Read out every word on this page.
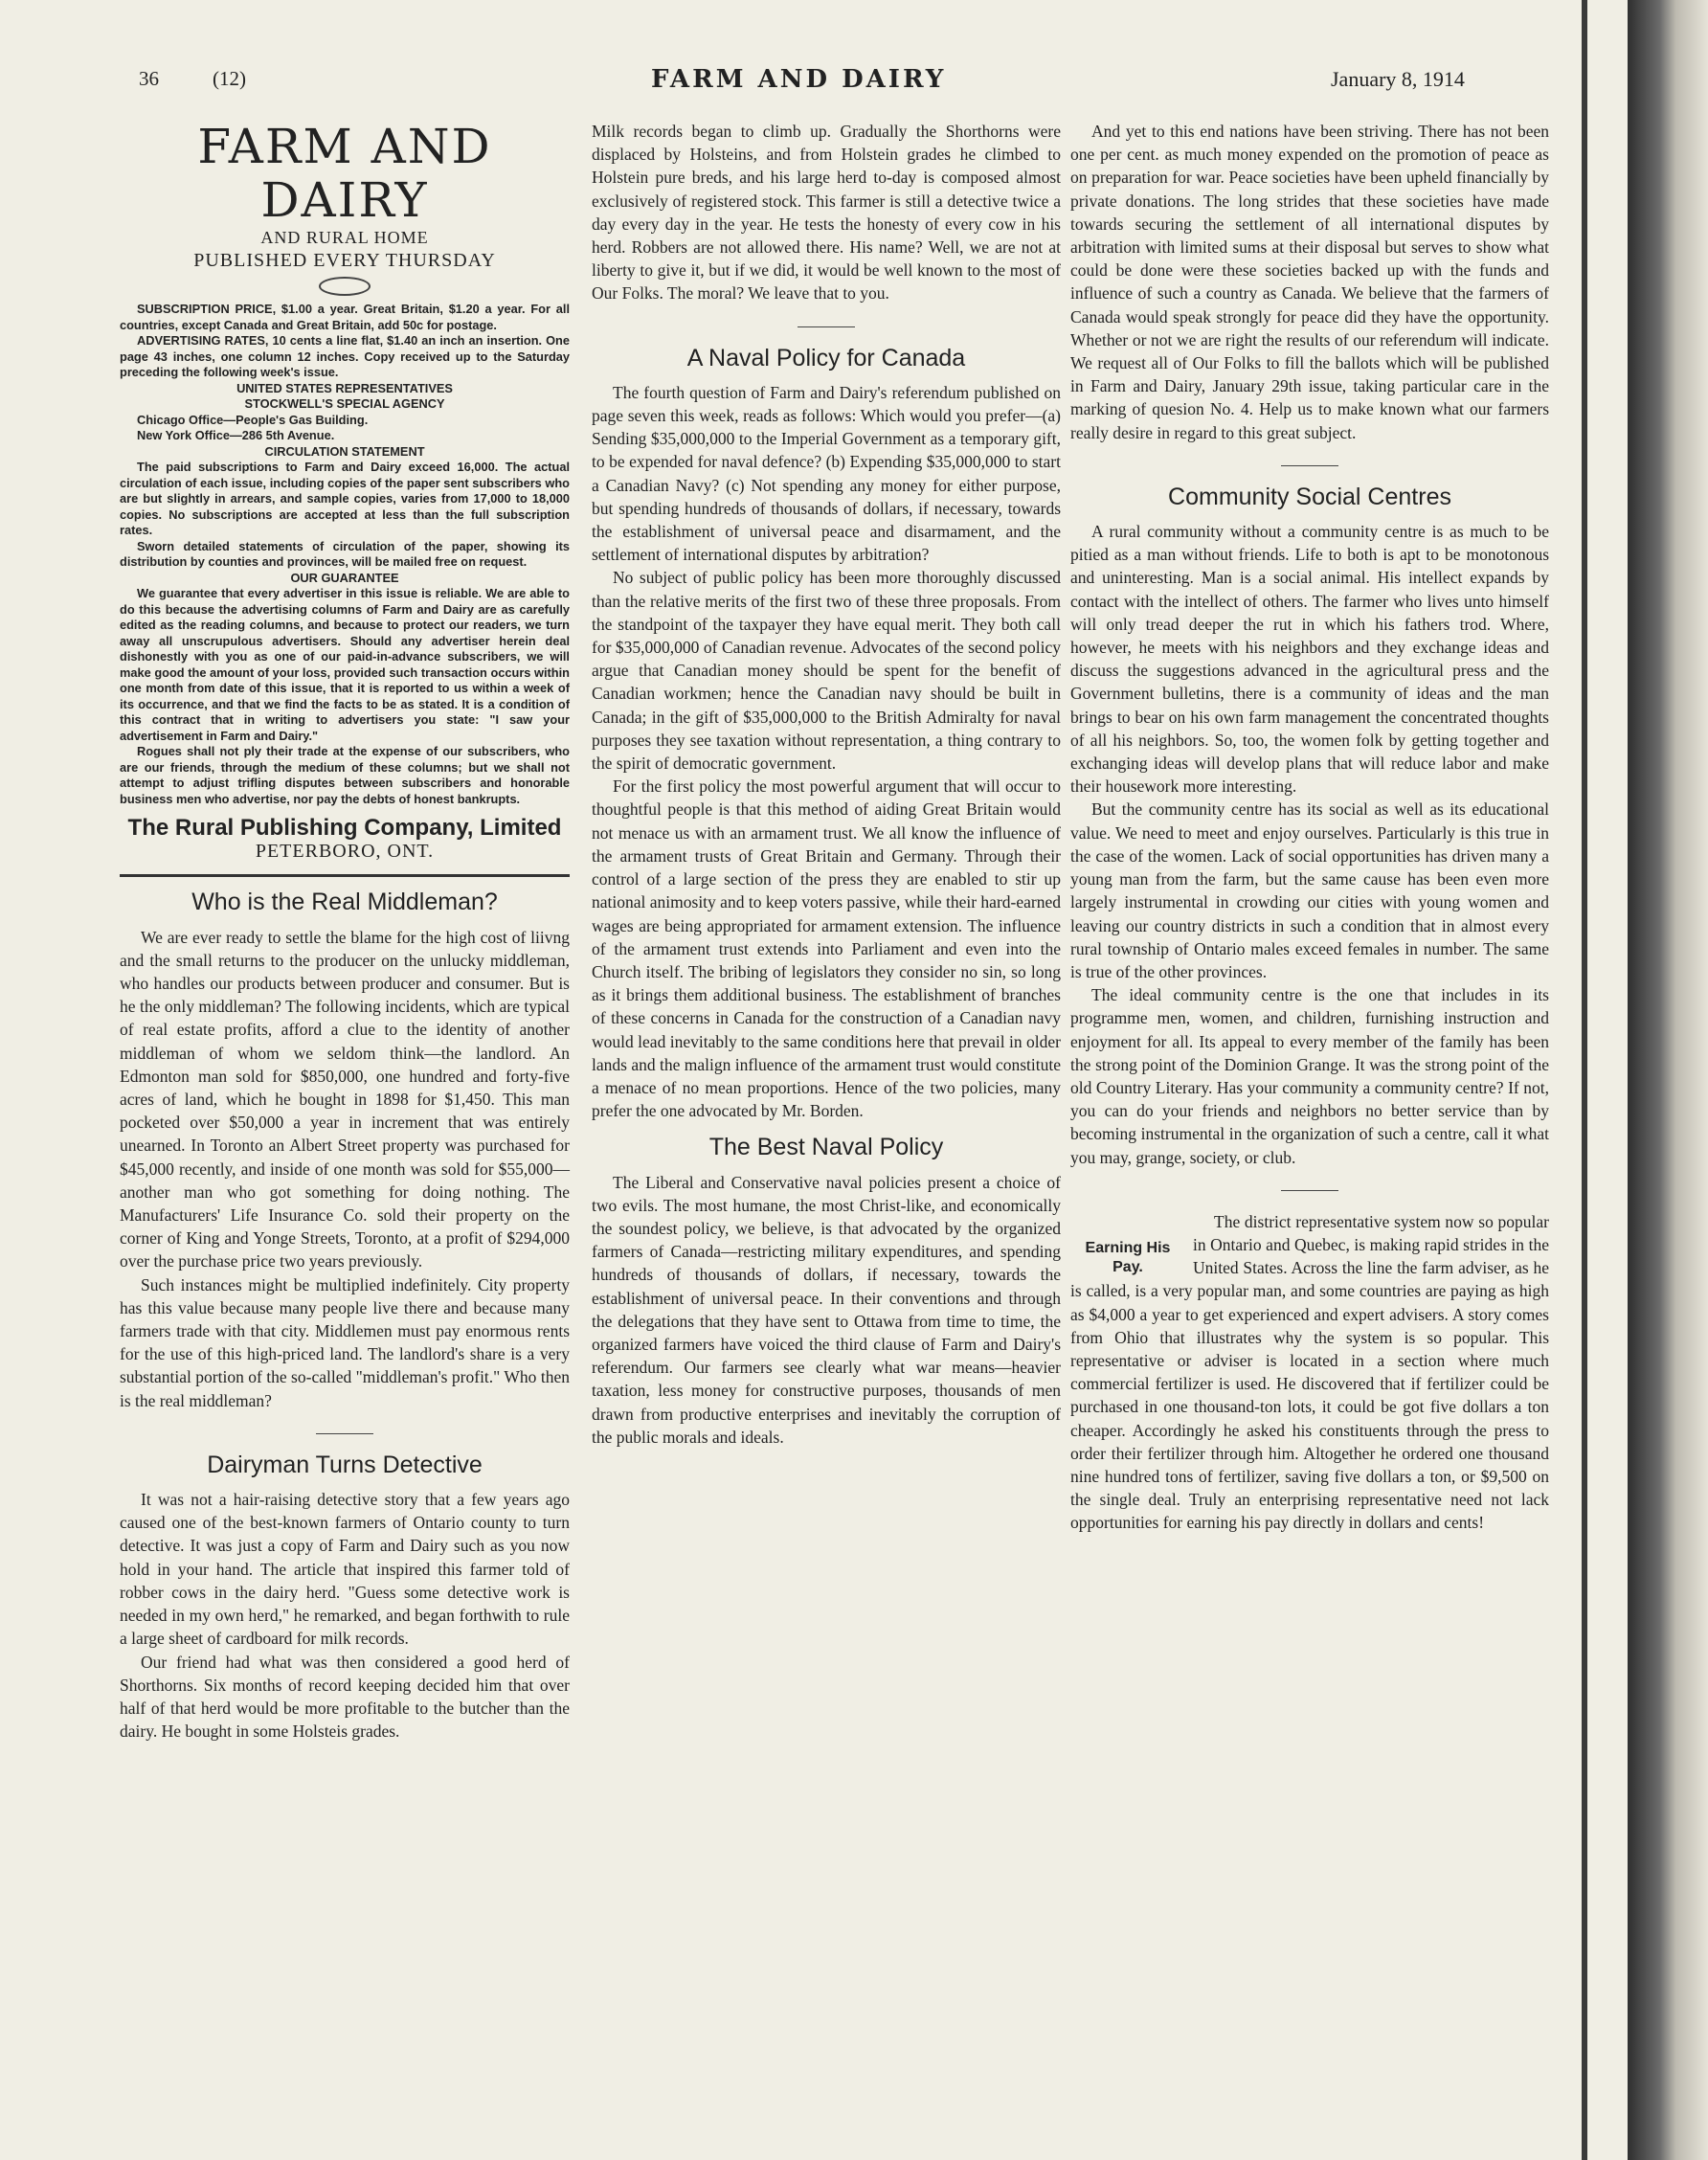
36	(12)	FARM AND DAIRY	January 8, 1914
FARM AND DAIRY
AND RURAL HOME
PUBLISHED EVERY THURSDAY

SUBSCRIPTION PRICE, $1.00 a year. Great Britain, $1.20 a year. For all countries, except Canada and Great Britain, add 50c for postage.

ADVERTISING RATES, 10 cents a line flat, $1.40 an inch an insertion. One page 43 inches, one column 12 inches. Copy received up to the Saturday preceding the following week's issue.

UNITED STATES REPRESENTATIVES

STOCKWELL'S SPECIAL AGENCY

Chicago Office—People's Gas Building.

New York Office—286 5th Avenue.

CIRCULATION STATEMENT

The paid subscriptions to Farm and Dairy exceed 16,000. The actual circulation of each issue, including copies of the paper sent subscribers who are but slightly in arrears, and sample copies, varies from 17,000 to 18,000 copies. No subscriptions are accepted at less than the full subscription rates.

Sworn detailed statements of circulation of the paper, showing its distribution by counties and provinces, will be mailed free on request.

OUR GUARANTEE

We guarantee that every advertiser in this issue is reliable. We are able to do this because the advertising columns of Farm and Dairy are as carefully edited as the reading columns, and because to protect our readers, we turn away all unscrupulous advertisers. Should any advertiser herein deal dishonestly with you as one of our paid-in-advance subscribers, we will make good the amount of your loss, provided such transaction occurs within one month from date of this issue, that it is reported to us within a week of its occurrence, and that we find the facts to be as stated. It is a condition of this contract that in writing to advertisers you state: "I saw your advertisement in Farm and Dairy."

Rogues shall not ply their trade at the expense of our subscribers, who are our friends, through the medium of these columns; but we shall not attempt to adjust trifling disputes between subscribers and honorable business men who advertise, nor pay the debts of honest bankrupts.

The Rural Publishing Company, Limited
PETERBORO, ONT.
Who is the Real Middleman?

We are ever ready to settle the blame for the high cost of liivng and the small returns to the producer on the unlucky middleman, who handles our products between producer and consumer. But is he the only middleman? The following incidents, which are typical of real estate profits, afford a clue to the identity of another middleman of whom we seldom think—the landlord. An Edmonton man sold for $850,000, one hundred and forty-five acres of land, which he bought in 1898 for $1,450. This man pocketed over $50,000 a year in increment that was entirely unearned. In Toronto an Albert Street property was purchased for $45,000 recently, and inside of one month was sold for $55,000—another man who got something for doing nothing. The Manufacturers' Life Insurance Co. sold their property on the corner of King and Yonge Streets, Toronto, at a profit of $294,000 over the purchase price two years previously.

Such instances might be multiplied indefinitely. City property has this value because many people live there and because many farmers trade with that city. Middlemen must pay enormous rents for the use of this high-priced land. The landlord's share is a very substantial portion of the so-called "middleman's profit." Who then is the real middleman?

Dairyman Turns Detective

It was not a hair-raising detective story that a few years ago caused one of the best-known farmers of Ontario county to turn detective. It was just a copy of Farm and Dairy such as you now hold in your hand. The article that inspired this farmer told of robber cows in the dairy herd. "Guess some detective work is needed in my own herd," he remarked, and began forthwith to rule a large sheet of cardboard for milk records.

Our friend had what was then considered a good herd of Shorthorns. Six months of record keeping decided him that over half of that herd would be more profitable to the butcher than the dairy. He bought in some Holsteis grades.

Milk records began to climb up. Gradually the Shorthorns were displaced by Holsteins, and from Holstein grades he climbed to Holstein pure breds, and his large herd to-day is composed almost exclusively of registered stock. This farmer is still a detective twice a day every day in the year. He tests the honesty of every cow in his herd. Robbers are not allowed there. His name? Well, we are not at liberty to give it, but if we did, it would be well known to the most of Our Folks. The moral? We leave that to you.

A Naval Policy for Canada

The fourth question of Farm and Dairy's referendum published on page seven this week, reads as follows: Which would you prefer—(a) Sending $35,000,000 to the Imperial Government as a temporary gift, to be expended for naval defence? (b) Expending $35,000,000 to start a Canadian Navy? (c) Not spending any money for either purpose, but spending hundreds of thousands of dollars, if necessary, towards the establishment of universal peace and disarmament, and the settlement of international disputes by arbitration?

No subject of public policy has been more thoroughly discussed than the relative merits of the first two of these three proposals. From the standpoint of the taxpayer they have equal merit. They both call for $35,000,000 of Canadian revenue. Advocates of the second policy argue that Canadian money should be spent for the benefit of Canadian workmen; hence the Canadian navy should be built in Canada; in the gift of $35,000,000 to the British Admiralty for naval purposes they see taxation without representation, a thing contrary to the spirit of democratic government.

For the first policy the most powerful argument that will occur to thoughtful people is that this method of aiding Great Britain would not menace us with an armament trust. We all know the influence of the armament trusts of Great Britain and Germany. Through their control of a large section of the press they are enabled to stir up national animosity and to keep voters passive, while their hard-earned wages are being appropriated for armament extension. The influence of the armament trust extends into Parliament and even into the Church itself. The bribing of legislators they consider no sin, so long as it brings them additional business. The establishment of branches of these concerns in Canada for the construction of a Canadian navy would lead inevitably to the same conditions here that prevail in older lands and the malign influence of the armament trust would constitute a menace of no mean proportions. Hence of the two policies, many prefer the one advocated by Mr. Borden.

The Best Naval Policy

The Liberal and Conservative naval policies present a choice of two evils. The most humane, the most Christ-like, and economically the soundest policy, we believe, is that advocated by the organized farmers of Canada—restricting military expenditures, and spending hundreds of thousands of dollars, if necessary, towards the establishment of universal peace. In their conventions and through the delegations that they have sent to Ottawa from time to time, the organized farmers have voiced the third clause of Farm and Dairy's referendum. Our farmers see clearly what war means—heavier taxation, less money for constructive purposes, thousands of men drawn from productive enterprises and inevitably the corruption of the public morals and ideals.

And yet to this end nations have been striving. There has not been one per cent. as much money expended on the promotion of peace as on preparation for war. Peace societies have been upheld financially by private donations. The long strides that these societies have made towards securing the settlement of all international disputes by arbitration with limited sums at their disposal but serves to show what could be done were these societies backed up with the funds and influence of such a country as Canada. We believe that the farmers of Canada would speak strongly for peace did they have the opportunity. Whether or not we are right the results of our referendum will indicate. We request all of Our Folks to fill the ballots which will be published in Farm and Dairy, January 29th issue, taking particular care in the marking of quesion No. 4. Help us to make known what our farmers really desire in regard to this great subject.

Community Social Centres

A rural community without a community centre is as much to be pitied as a man without friends. Life to both is apt to be monotonous and uninteresting. Man is a social animal. His intellect expands by contact with the intellect of others. The farmer who lives unto himself will only tread deeper the rut in which his fathers trod. Where, however, he meets with his neighbors and they exchange ideas and discuss the suggestions advanced in the agricultural press and the Government bulletins, there is a community of ideas and the man brings to bear on his own farm management the concentrated thoughts of all his neighbors. So, too, the women folk by getting together and exchanging ideas will develop plans that will reduce labor and make their housework more interesting.

But the community centre has its social as well as its educational value. We need to meet and enjoy ourselves. Particularly is this true in the case of the women. Lack of social opportunities has driven many a young man from the farm, but the same cause has been even more largely instrumental in crowding our cities with young women and leaving our country districts in such a condition that in almost every rural township of Ontario males exceed females in number. The same is true of the other provinces.

The ideal community centre is the one that includes in its programme men, women, and children, furnishing instruction and enjoyment for all. Its appeal to every member of the family has been the strong point of the Dominion Grange. It was the strong point of the old Country Literary. Has your community a community centre? If not, you can do your friends and neighbors no better service than by becoming instrumental in the organization of such a centre, call it what you may, grange, society, or club.

Earning His Pay.

The district representative system now so popular in Ontario and Quebec, is making rapid strides in the United States. Across the line the farm adviser, as he is called, is a very popular man, and some countries are paying as high as $4,000 a year to get experienced and expert advisers. A story comes from Ohio that illustrates why the system is so popular. This representative or adviser is located in a section where much commercial fertilizer is used. He discovered that if fertilizer could be purchased in one thousand-ton lots, it could be got five dollars a ton cheaper. Accordingly he asked his constituents through the press to order their fertilizer through him. Altogether he ordered one thousand nine hundred tons of fertilizer, saving five dollars a ton, or $9,500 on the single deal. Truly an enterprising representative need not lack opportunities for earning his pay directly in dollars and cents!
